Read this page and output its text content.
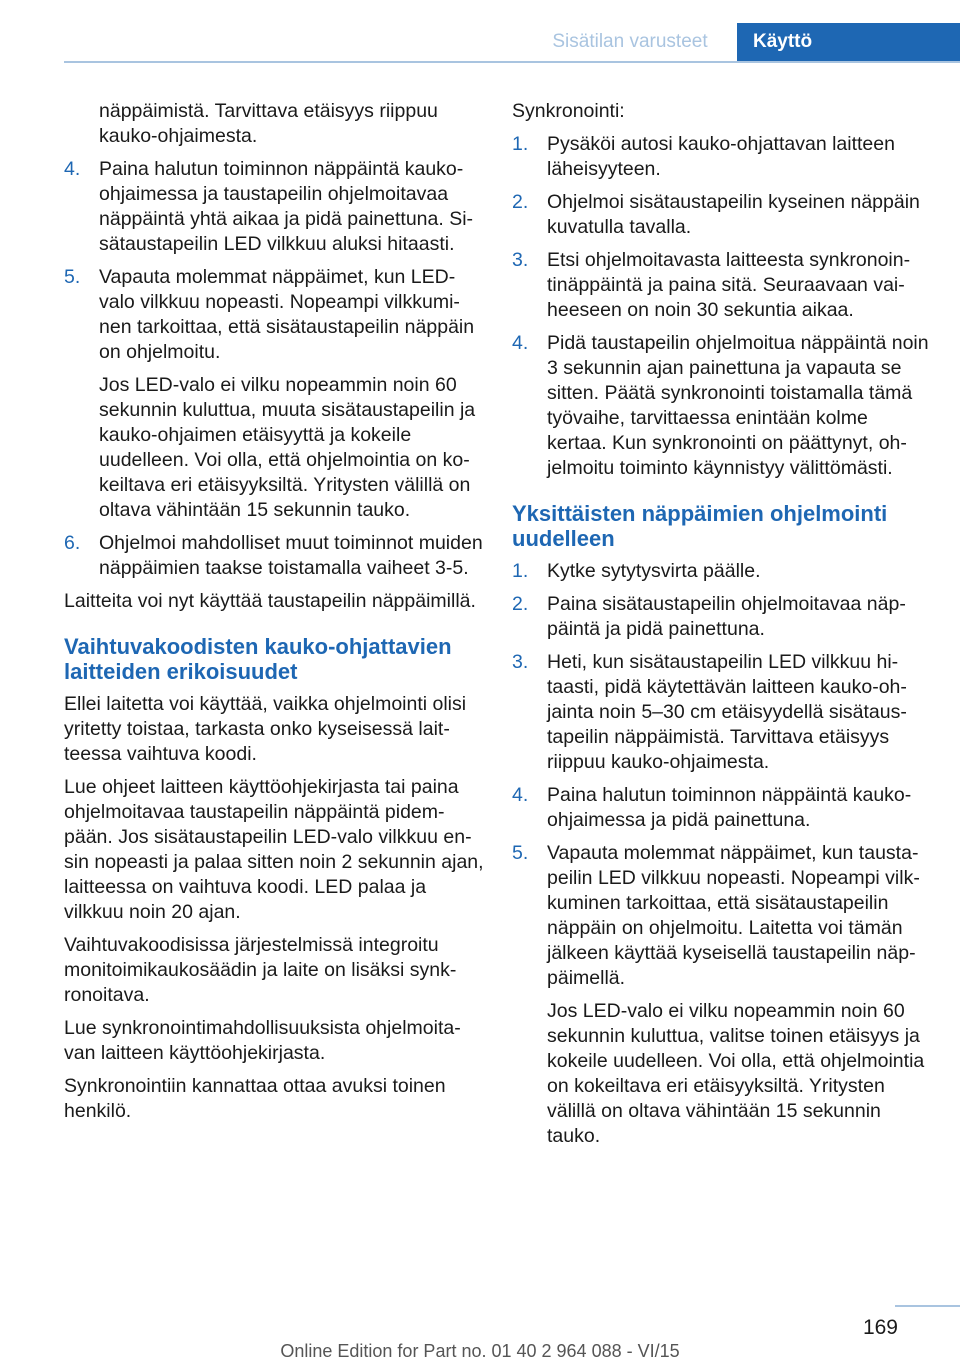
Sisätilan varusteet	Käyttö

näppäimistä. Tarvittava etäisyys riippuu kauko-ohjaimesta.

4. Paina halutun toiminnon näppäintä kaukoohjaimessa ja taustapeilin ohjelmoitavaa näppäintä yhtä aikaa ja pidä painettuna. Sisätaustapeilin LED vilkkuu aluksi hitaasti.
5. Vapauta molemmat näppäimet, kun LED-valo vilkkuu nopeasti. Nopeampi vilkkuminen tarkoittaa, että sisätaustapeilin näppäin on ohjelmoitu.
Jos LED-valo ei vilku nopeammin noin 60 sekunnin kuluttua, muuta sisätaustapeilin ja kauko-ohjaimen etäisyyttä ja kokeile uudelleen. Voi olla, että ohjelmointia on kokeiltava eri etäisyyksiltä. Yritysten välillä on oltava vähintään 15 sekunnin tauko.
6. Ohjelmoi mahdolliset muut toiminnot muiden näppäimien taakse toistamalla vaiheet 3-5.

Laitteita voi nyt käyttää taustapeilin näppäimillä.

Vaihtuvakoodisten kauko-ohjattavien laitteiden erikoisuudet

Ellei laitetta voi käyttää, vaikka ohjelmointi olisi yritetty toistaa, tarkasta onko kyseisessä laitteessa vaihtuva koodi.

Lue ohjeet laitteen käyttöohjekirjasta tai paina ohjelmoitavaa taustapeilin näppäintä pidempään. Jos sisätaustapeilin LED-valo vilkkuu ensin nopeasti ja palaa sitten noin 2 sekunnin ajan, laitteessa on vaihtuva koodi. LED palaa ja vilkkuu noin 20 ajan.

Vaihtuvakoodisissa järjestelmissä integroitu monitoimikaukosäädin ja laite on lisäksi synkronoitava.

Lue synkronointimahdollisuuksista ohjelmoitavan laitteen käyttöohjekirjasta.

Synkronointiin kannattaa ottaa avuksi toinen henkilö.

Synkronointi:

1. Pysäköi autosi kauko-ohjattavan laitteen läheisyyteen.
2. Ohjelmoi sisätaustapeilin kyseinen näppäin kuvatulla tavalla.
3. Etsi ohjelmoitavasta laitteesta synkronointinäppäintä ja paina sitä. Seuraavaan vaiheeseen on noin 30 sekuntia aikaa.
4. Pidä taustapeilin ohjelmoitua näppäintä noin 3 sekunnin ajan painettuna ja vapauta se sitten. Päätä synkronointi toistamalla tämä työvaihe, tarvittaessa enintään kolme kertaa. Kun synkronointi on päättynyt, ohjelmoitu toiminto käynnistyy välittömästi.
Yksittäisten näppäimien ohjelmointi uudelleen
1. Kytke sytytysvirta päälle.
2. Paina sisätaustapeilin ohjelmoitavaa näppäintä ja pidä painettuna.
3. Heti, kun sisätaustapeilin LED vilkkuu hitaasti, pidä käytettävän laitteen kauko-ohjainta noin 5–30 cm etäisyydellä sisätaustapeilin näppäimistä. Tarvittava etäisyys riippuu kauko-ohjaimesta.
4. Paina halutun toiminnon näppäintä kaukoohjaimessa ja pidä painettuna.
5. Vapauta molemmat näppäimet, kun taustapeilin LED vilkkuu nopeasti. Nopeampi vilkkuminen tarkoittaa, että sisätaustapeilin näppäin on ohjelmoitu. Laitetta voi tämän jälkeen käyttää kyseisellä taustapeilin näppäimellä.
Jos LED-valo ei vilku nopeammin noin 60 sekunnin kuluttua, valitse toinen etäisyys ja kokeile uudelleen. Voi olla, että ohjelmointia on kokeiltava eri etäisyyksiltä. Yritysten välillä on oltava vähintään 15 sekunnin tauko.
169
Online Edition for Part no. 01 40 2 964 088 - VI/15
